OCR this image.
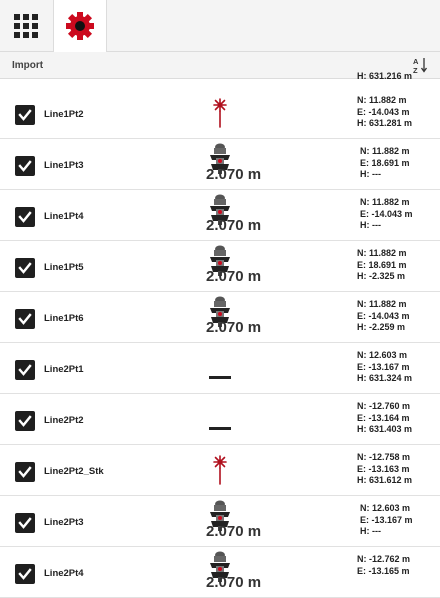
Import	A
Z
H: 631.216 m
Line1Pt2
N: 11.882 m
E: -14.043 m
H: 631.281 m
Line1Pt3
2.070 m
N: 11.882 m
E: 18.691 m
H: ---
Line1Pt4
2.070 m
N: 11.882 m
E: -14.043 m
H: ---
Line1Pt5
2.070 m
N: 11.882 m
E: 18.691 m
H: -2.325 m
Line1Pt6
2.070 m
N: 11.882 m
E: -14.043 m
H: -2.259 m
Line2Pt1
N: 12.603 m
E: -13.167 m
H: 631.324 m
Line2Pt2
N: -12.760 m
E: -13.164 m
H: 631.403 m
Line2Pt2_Stk
N: -12.758 m
E: -13.163 m
H: 631.612 m
Line2Pt3
2.070 m
N: 12.603 m
E: -13.167 m
H: ---
Line2Pt4
2.070 m
N: -12.762 m
E: -13.165 m
